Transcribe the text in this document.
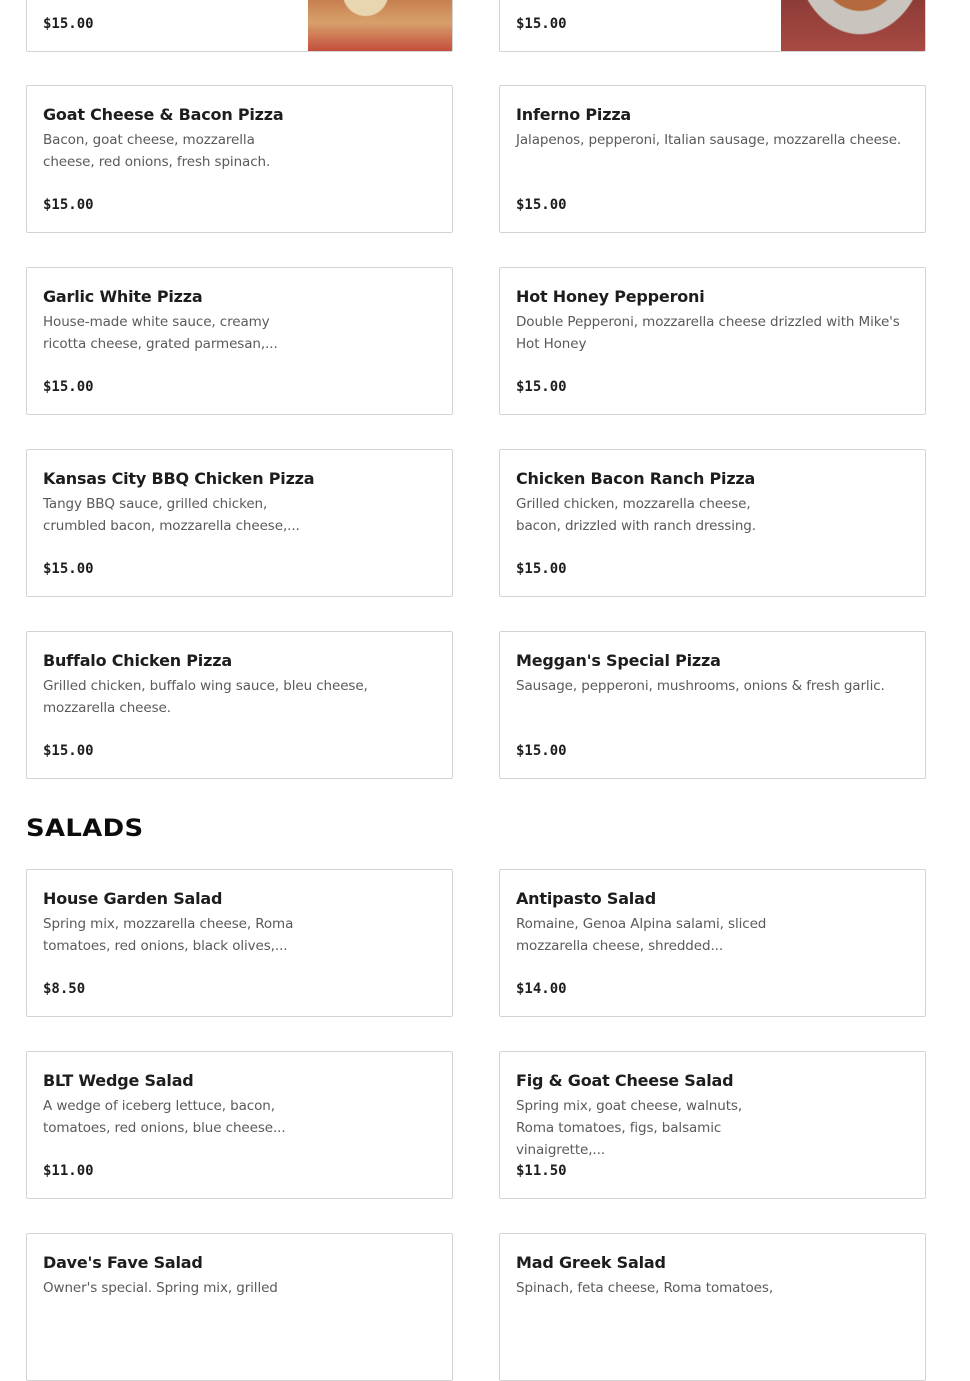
$15.00	$15.00

Goat Cheese & Bacon Pizza

Bacon, goat cheese, mozzarella cheese, red onions, fresh spinach.

$15.00

Inferno Pizza

Jalapenos, pepperoni, Italian sausage, mozzarella cheese.

$15.00

Garlic White Pizza

House-made white sauce, creamy ricotta cheese, grated parmesan,...

$15.00

Hot Honey Pepperoni

Double Pepperoni, mozzarella cheese drizzled with Mike's Hot Honey

$15.00

Kansas City BBQ Chicken Pizza

Tangy BBQ sauce, grilled chicken, crumbled bacon, mozzarella cheese,...

$15.00

Chicken Bacon Ranch Pizza

Grilled chicken, mozzarella cheese, bacon, drizzled with ranch dressing.

$15.00

Buffalo Chicken Pizza

Grilled chicken, buffalo wing sauce, bleu cheese, mozzarella cheese.

$15.00

Meggan's Special Pizza

Sausage, pepperoni, mushrooms, onions & fresh garlic.

$15.00

SALADS

House Garden Salad

Spring mix, mozzarella cheese, Roma tomatoes, red onions, black olives,...

$8.50

Antipasto Salad

Romaine, Genoa Alpina salami, sliced mozzarella cheese, shredded...

$14.00

BLT Wedge Salad

A wedge of iceberg lettuce, bacon, tomatoes, red onions, blue cheese...

$11.00

Fig & Goat Cheese Salad

Spring mix, goat cheese, walnuts, Roma tomatoes, figs, balsamic vinaigrette,...

$11.50

Dave's Fave Salad

Owner's special. Spring mix, grilled

Mad Greek Salad

Spinach, feta cheese, Roma tomatoes,
